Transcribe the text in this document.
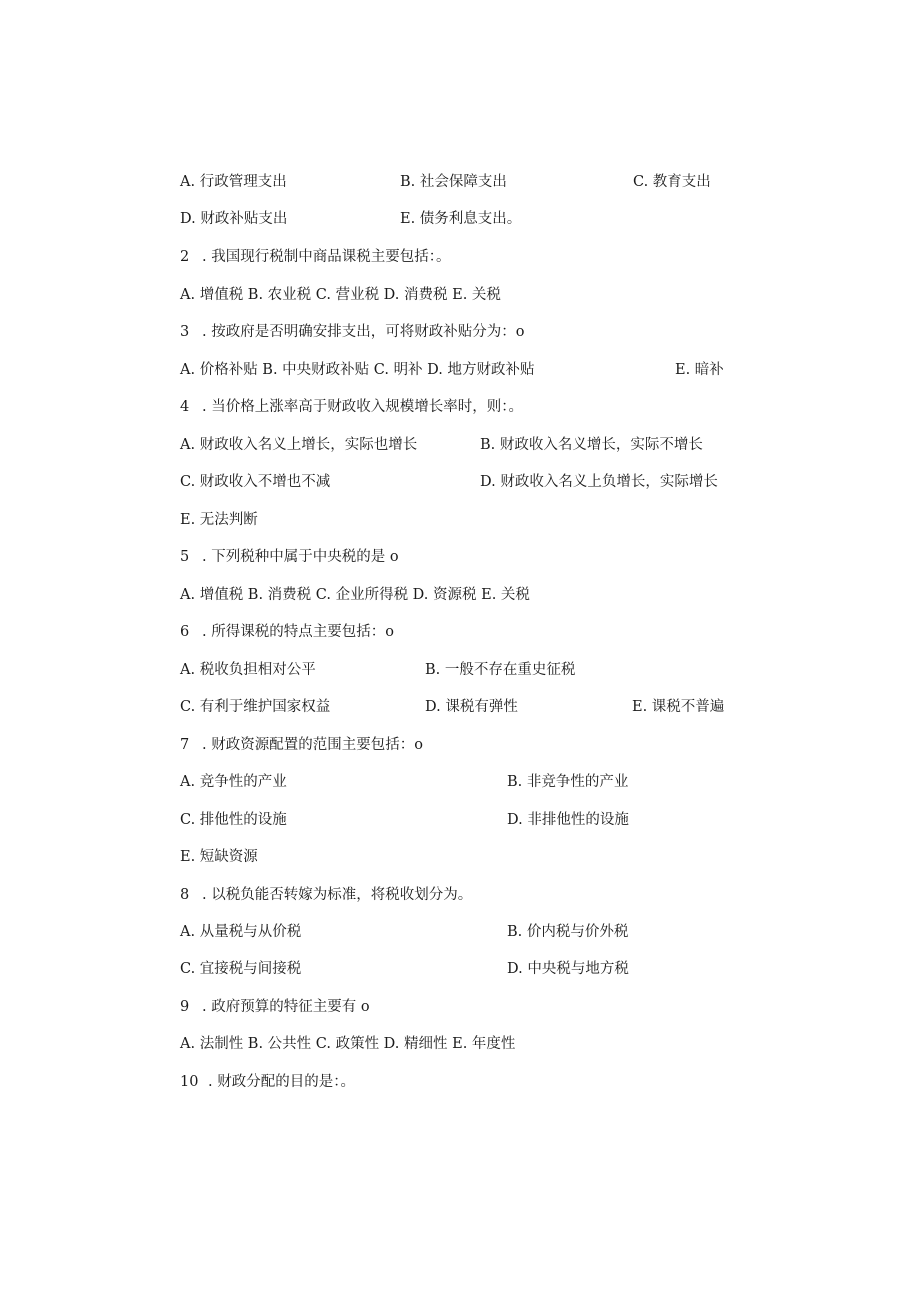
A. 行政管理支出	B. 社会保障支出	C. 教育支出
D. 财政补贴支出	E. 债务利息支出。
2 . 我国现行税制中商品课税主要包括：。
A. 增值税 B. 农业税 C. 营业税 D. 消费税 E. 关税
3 . 按政府是否明确安排支出，可将财政补贴分为：o
A. 价格补贴 B. 中央财政补贴 C. 明补 D. 地方财政补贴	E. 暗补
4 . 当价格上涨率高于财政收入规模增长率时，则：。
A. 财政收入名义上增长，实际也增长	B. 财政收入名义增长，实际不增长
C. 财政收入不增也不减	D. 财政收入名义上负增长，实际增长
E. 无法判断
5 . 下列税种中属于中央税的是 o
A. 增值税 B. 消费税 C. 企业所得税 D. 资源税 E. 关税
6 . 所得课税的特点主要包括：o
A. 税收负担相对公平	B. 一般不存在重史征税
C. 有利于维护国家权益	D. 课税有弹性	E. 课税不普遍
7 . 财政资源配置的范围主要包括：o
A. 竞争性的产业	B. 非竞争性的产业
C. 排他性的设施	D. 非排他性的设施
E. 短缺资源
8 . 以税负能否转嫁为标准，将税收划分为。
A. 从量税与从价税	B. 价内税与价外税
C. 宜接税与间接税	D. 中央税与地方税
9 . 政府预算的特征主要有 o
A. 法制性 B. 公共性 C. 政策性 D. 精细性 E. 年度性
10 . 财政分配的目的是：。
